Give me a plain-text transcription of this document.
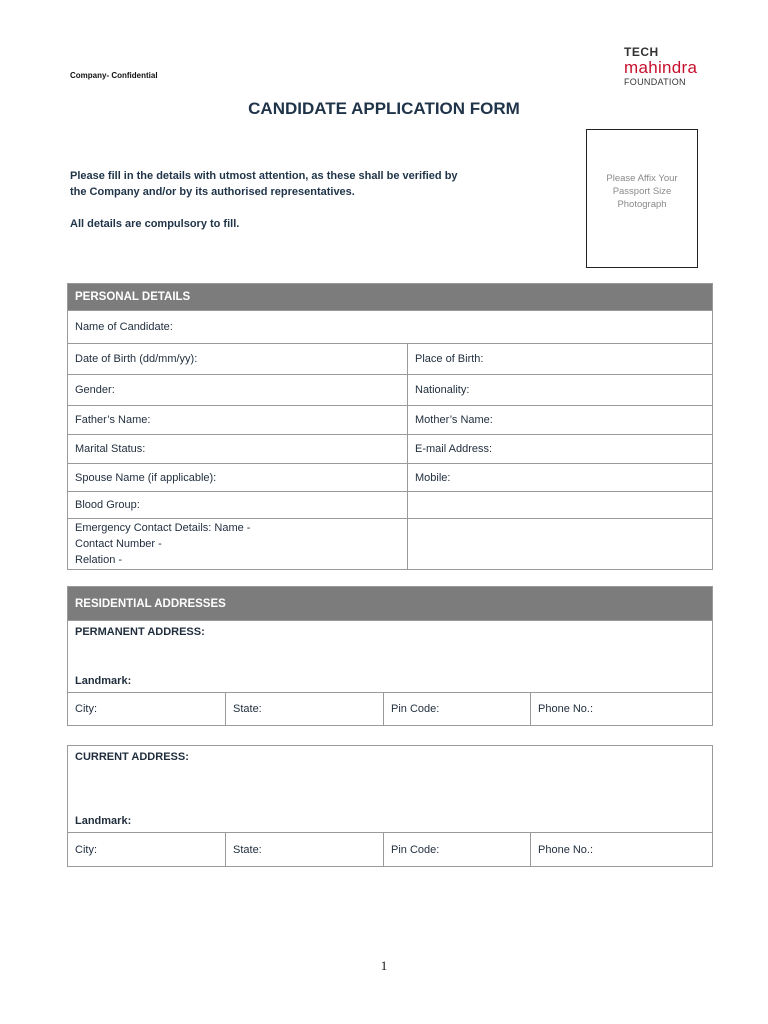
Company- Confidential
TECH
mahindra
FOUNDATION
CANDIDATE APPLICATION FORM

Please fill in the details with utmost attention, as these shall be verified by

the Company and/or by its authorised representatives.

All details are compulsory to fill.

Please Affix Your
Passport Size
Photograph
PERSONAL DETAILS	
Name of Candidate:	
Date of Birth (dd/mm/yy):	Place of Birth:
Gender:	Nationality:
Father’s Name:	Mother’s Name:
Marital Status:	E-mail Address:
Spouse Name (if applicable):	Mobile:
Blood Group:	

Emergency Contact Details: Name -
Contact Number -
Relation -	

RESIDENTIAL ADDRESSES

PERMANENT ADDRESS:
Landmark:

City:	State:	Pin Code:	Phone No.:
CURRENT ADDRESS:
Landmark:

City:	State:	Pin Code:	Phone No.:
1
